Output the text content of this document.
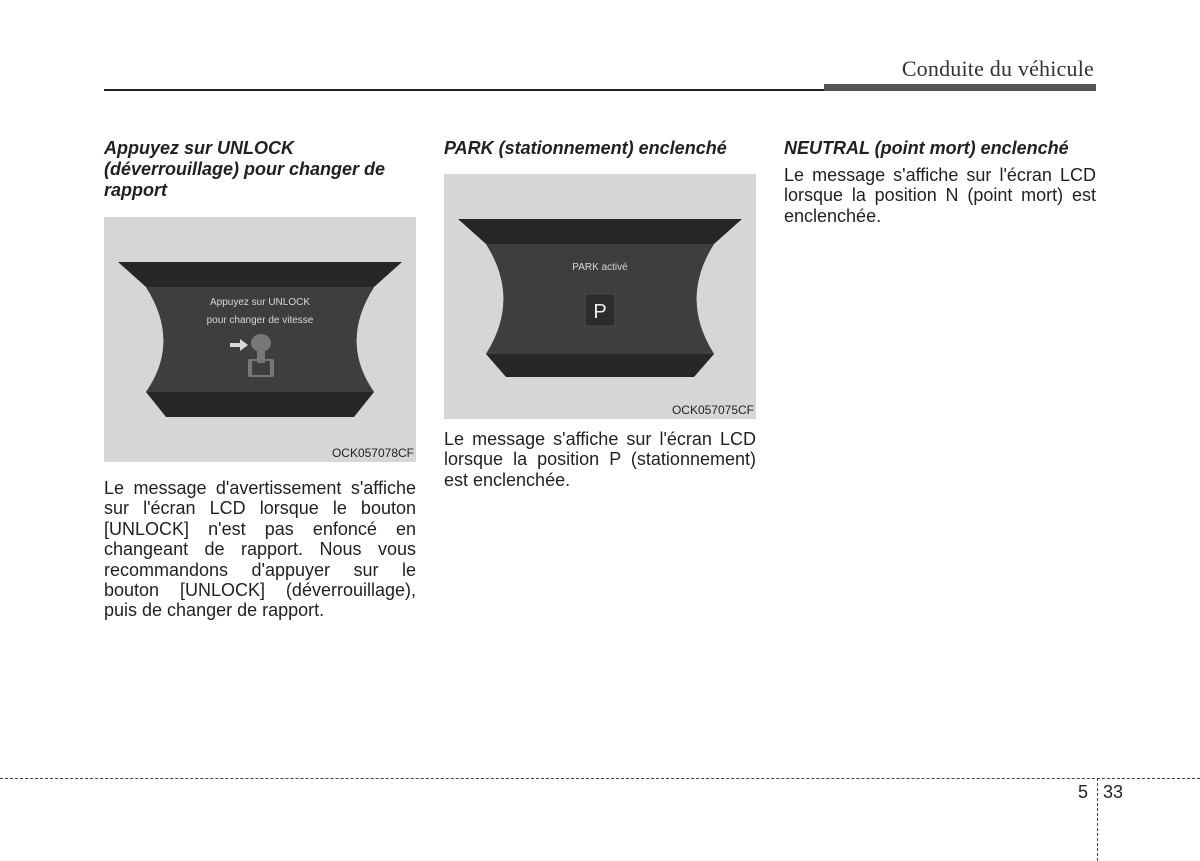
Conduite du véhicule

Appuyez sur UNLOCK (déverrouillage) pour changer de rapport

Appuyez sur UNLOCK
pour changer de vitesse
OCK057078CF

Le message d'avertissement s'affiche sur l'écran LCD lorsque le bouton [UNLOCK] n'est pas enfoncé en changeant de rapport. Nous vous recommandons d'appuyer sur le bouton [UNLOCK] (déverrouillage), puis de changer de rapport.

PARK (stationnement) enclenché

PARK activé
P
OCK057075CF

Le message s'affiche sur l'écran LCD lorsque la position P (stationnement) est enclenchée.

NEUTRAL (point mort) enclenché

Le message s'affiche sur l'écran LCD lorsque la position N (point mort) est enclenchée.

5 33
